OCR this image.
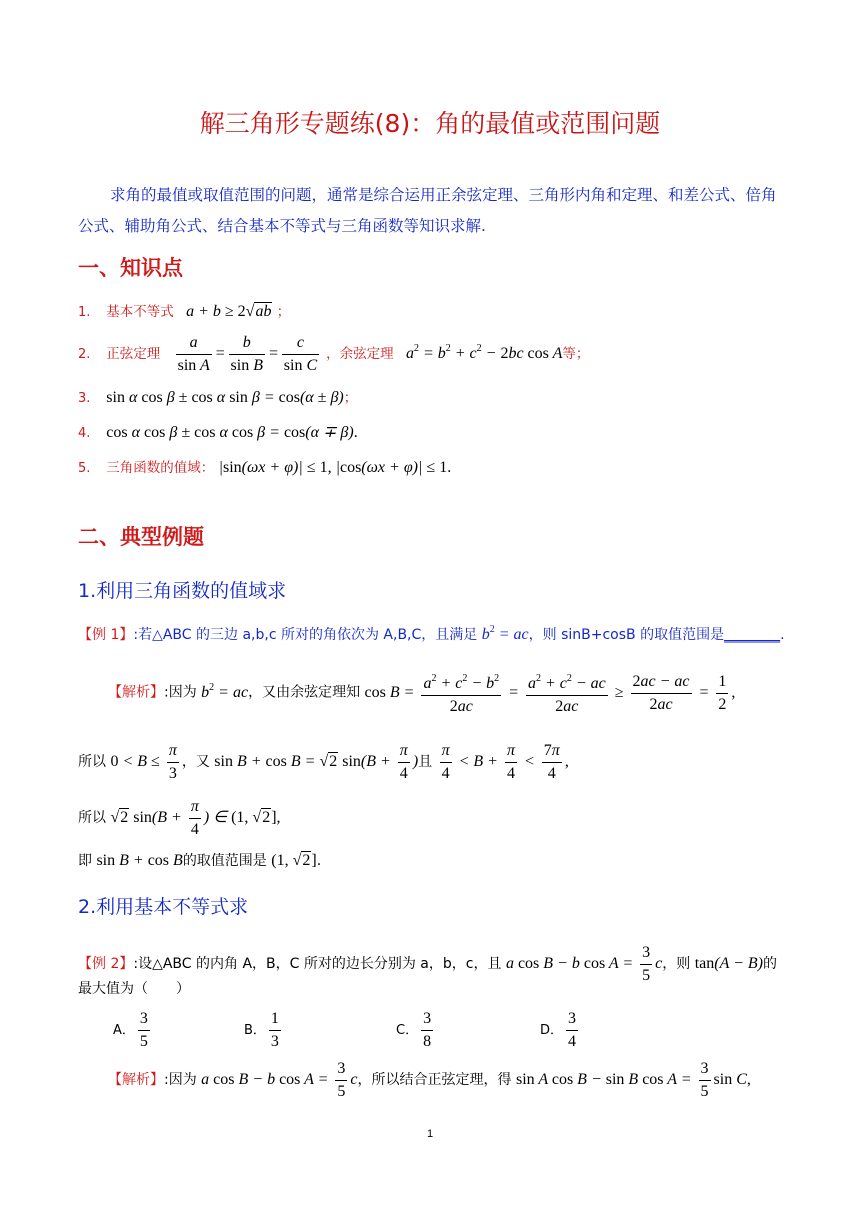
解三角形专题练(8)：角的最值或范围问题
求角的最值或取值范围的问题，通常是综合运用正余弦定理、三角形内角和定理、和差公式、倍角公式、辅助角公式、结合基本不等式与三角函数等知识求解.
一、知识点
1. 基本不等式 a + b ≥ 2√ab ；
2. 正弦定理 $\frac{a}{\text{sin A}} = \frac{b}{\text{sin B}} = \frac{c}{\text{sin C}}$ ，余弦定理 $a^2 = b^2 + c^2 - 2bc$ cos A等；
3. sin α cos β ± cos α sin β = cos(α ± β)；
4. cos α cos β ± cos α cos β = cos(α ∓ β).
5. 三角函数的值域： |sin(ωx + φ)| ≤ 1, |cos(ωx + φ)| ≤ 1.
二、典型例题
1.利用三角函数的值域求
【例 1】:若△ABC 的三边 a,b,c 所对的角依次为 A,B,C，且满足 $b^2$ = ac，则 sinB+cosB 的取值范围是________.
【解析】:因为 $b^2$ = ac，又由余弦定理知 $\cos B = \frac{a^2 + c^2 - b^2}{2ac} = \frac{a^2 + c^2 - ac}{2ac} \ge \frac{2ac - ac}{2ac} = \frac{1}{2}$ ,
所以 $0 < B \le \frac{\pi}{3}$ ，又 sin B + cos B = √2 $\sin(B + \frac{\pi}{4}$ )且 $\frac{\pi}{4} < B + \frac{\pi}{4} < \frac{7\pi}{4}$ ,
所以 √2 $\sin(B + \frac{\pi}{4}$ ) ∈ (1, √2],
即 sin B + cos B的取值范围是 (1, √2].
2.利用基本不等式求
【例 2】:设△ABC 的内角 A，B，C 所对的边长分别为 a，b，c，且 a cos B − b $\cos A = \frac{3}{5}$ c，则 tan(A − B)的
最大值为（　　）
A． $\frac{3}{5}$	B． $\frac{1}{3}$	C． $\frac{3}{8}$	D． $\frac{3}{4}$
【解析】:因为 a cos B − b $\cos A = \frac{3}{5}$ c，所以结合正弦定理，得 sin A cos B − sin B $\cos A = \frac{3}{5}$ sin C,
1
